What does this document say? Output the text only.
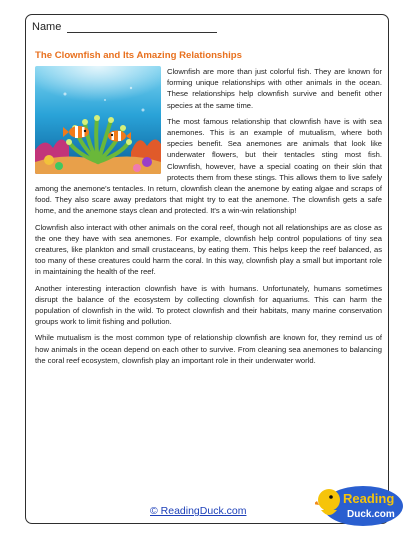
Name
The Clownfish and Its Amazing Relationships

Clownfish are more than just colorful fish. They are known for forming unique relationships with other animals in the ocean. These relationships help clownfish survive and benefit other species at the same time.

The most famous relationship that clownfish have is with sea anemones. This is an example of mutualism, where both species benefit. Sea anemones are animals that look like underwater flowers, but their tentacles sting most fish. Clownfish, however, have a special coating on their skin that protects them from these stings. This allows them to live safely among the anemone's tentacles. In return, clownfish clean the anemone by eating algae and scraps of food. They also scare away predators that might try to eat the anemone. The clownfish gets a safe home, and the anemone stays clean and protected. It's a win-win relationship!

Clownfish also interact with other animals on the coral reef, though not all relationships are as close as the one they have with sea anemones. For example, clownfish help control populations of tiny sea creatures, like plankton and small crustaceans, by eating them. This helps keep the reef balanced, as too many of these creatures could harm the coral. In this way, clownfish play a small but important role in maintaining the health of the reef.

Another interesting interaction clownfish have is with humans. Unfortunately, humans sometimes disrupt the balance of the ecosystem by collecting clownfish for aquariums. This can harm the population of clownfish in the wild. To protect clownfish and their habitats, many marine conservation groups work to limit fishing and pollution.

While mutualism is the most common type of relationship clownfish are known for, they remind us of how animals in the ocean depend on each other to survive. From cleaning sea anemones to balancing the coral reef ecosystem, clownfish play an important role in their underwater world.

© ReadingDuck.com
Reading
Duck.com
